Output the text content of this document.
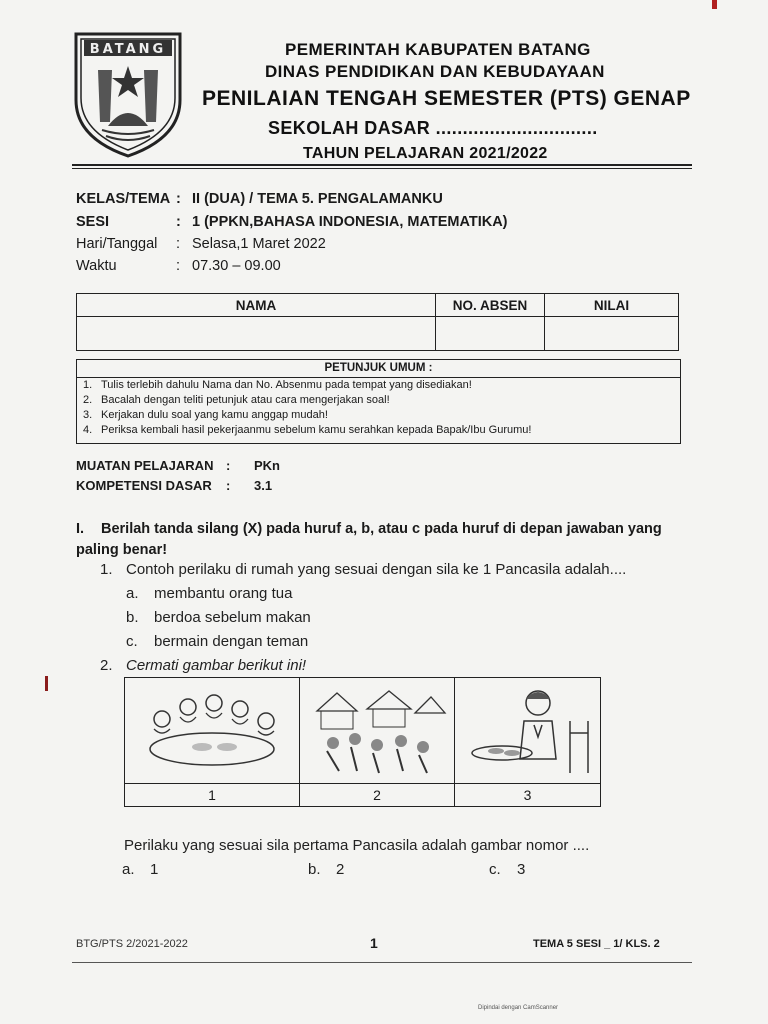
BATANG	PEMERINTAH KABUPATEN BATANG
DINAS PENDIDIKAN DAN KEBUDAYAAN
PENILAIAN TENGAH SEMESTER (PTS) GENAP
SEKOLAH DASAR ..............................
TAHUN PELAJARAN 2021/2022
KELAS/TEMA : II (DUA) / TEMA 5. PENGALAMANKU
SESI	: 1 (PPKN,BAHASA INDONESIA, MATEMATIKA)
Hari/Tanggal : Selasa,1 Maret 2022
Waktu	: 07.30 – 09.00
NAMA	NO. ABSEN	NILAI

PETUNJUK UMUM :
1. Tulis terlebih dahulu Nama dan No. Absenmu pada tempat yang disediakan!
2. Bacalah dengan teliti petunjuk atau cara mengerjakan soal!
3. Kerjakan dulu soal yang kamu anggap mudah!
4. Periksa kembali hasil pekerjaanmu sebelum kamu serahkan kepada Bapak/Ibu Gurumu!
MUATAN PELAJARAN : PKn
KOMPETENSI DASAR : 3.1
I. Berilah tanda silang (X) pada huruf a, b, atau c pada huruf di depan jawaban yang paling benar!
1. Contoh perilaku di rumah yang sesuai dengan sila ke 1 Pancasila adalah....
a. membantu orang tua
b. berdoa sebelum makan
c. bermain dengan teman
2. Cermati gambar berikut ini!

1	2	3
Perilaku yang sesuai sila pertama Pancasila adalah gambar nomor ....
a. 1	b. 2	c. 3
BTG/PTS 2/2021-2022	1	TEMA 5 SESI _ 1/ KLS. 2
Dipindai dengan CamScanner
